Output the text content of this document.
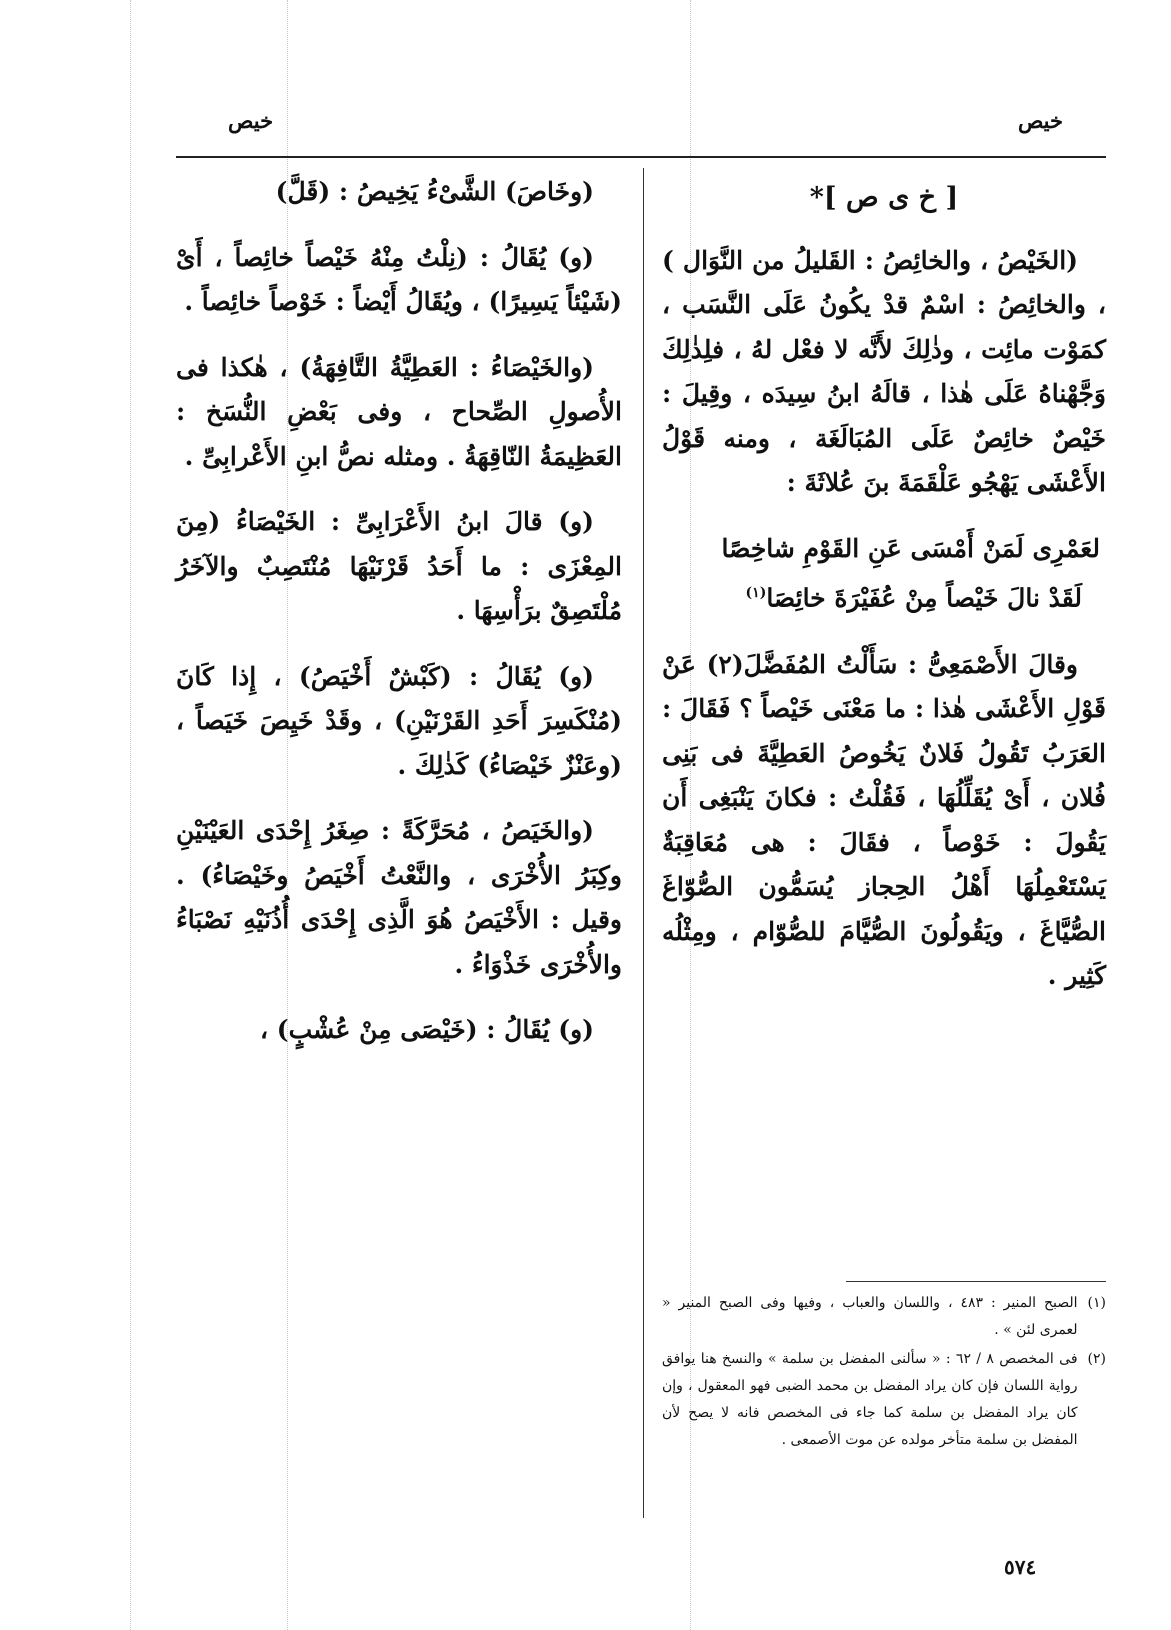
خيص
خيص
[ خ ى ص ]*

(الخَيْصُ ، والخائِصُ : القَليلُ من النَّوَال ) ، والخائِصُ : اسْمٌ قدْ يكُونُ عَلَى النَّسَب ، كمَوْت مائِت ، وذٰلِكَ لأَنَّه لا فعْل لهُ ، فلِذٰلِكَ وَجَّهْناهُ عَلَى هٰذا ، قالَهُ ابنُ سِيدَه ، وقِيلَ : خَيْصٌ خائِصٌ عَلَى المُبَالَغَة ، ومنه قَوْلُ الأَعْشَى يَهْجُو عَلْقَمَةَ بنَ عُلاثَةَ :

لعَمْرِى لَمَنْ أَمْسَى عَنِ القَوْمِ شاخِصًا
لَقَدْ نالَ خَيْصاً مِنْ عُفَيْرَةَ خائِصَا$^{(١)}$

وقالَ الأَصْمَعِىُّ : سَأَلْتُ المُفَضَّلَ(٢) عَنْ قَوْلِ الأَعْشَى هٰذا : ما مَعْنَى خَيْصاً ؟ فَقَالَ : العَرَبُ تَقُولُ فَلانٌ يَخُوصُ العَطِيَّةَ فى بَنِى فُلان ، أَىْ يُقَلِّلُهَا ، فَقُلْتُ : فكانَ يَنْبَغِى أَن يَقُولَ : خَوْصاً ، فقَالَ : هى مُعَاقِبَةٌ يَسْتَعْمِلُهَا أَهْلُ الحِجاز يُسَمُّون الصُّوّاغَ الصُّيَّاغَ ، ويَقُولُونَ الصُّيَّامَ للصُّوّام ، ومِثْلُه كَثِير .

(١)
الصبح المنير : ٤٨٣ ، واللسان والعباب ، وفيها وفى الصبح المنير « لعمرى لئن » .
(٢)
فى المخصص ٨ / ٦٢ : « سألنى المفضل بن سلمة » والنسخ هنا يوافق رواية اللسان فإن كان يراد المفضل بن محمد الضبى فهو المعقول ، وإن كان يراد المفضل بن سلمة كما جاء فى المخصص فانه لا يصح لأن المفضل بن سلمة متأخر مولده عن موت الأصمعى .

(وخَاصَ) الشَّىْءُ يَخِيصُ : (قَلَّ)

(و) يُقَالُ : (نِلْتُ مِنْهُ خَيْصاً خائِصاً ، أَىْ (شَيْئاً يَسِيرًا) ، ويُقَالُ أَيْضاً : خَوْصاً خائِصاً .

(والخَيْصَاءُ : العَطِيَّةُ التَّافِهَةُ) ، هٰكذا فى الأُصولِ الصِّحاح ، وفى بَعْضِ النُّسَخ : العَظِيمَةُ النّاقِهَةُ . ومثله نصُّ ابنِ الأَعْرابِىِّ .

(و) قالَ ابنُ الأَعْرَابِىِّ : الخَيْصَاءُ (مِنَ المِعْزَى : ما أَحَدُ قَرْنَيْهَا مُنْتَصِبٌ والآخَرُ مُلْتَصِقٌ برَأْسِهَا .

(و) يُقَالُ : (كَبْشٌ أَخْيَصُ) ، إِذا كَانَ (مُنْكَسِرَ أَحَدِ القَرْنَيْنِ) ، وقَدْ خَيِصَ خَيَصاً ، (وعَنْزٌ خَيْصَاءُ) كَذٰلِكَ .

(والخَيَصُ ، مُحَرَّكَةً : صِغَرُ إِحْدَى العَيْنَيْنِ وكِبَرُ الأُخْرَى ، والنَّعْتُ أَخْيَصُ وخَيْصَاءُ) . وقيل : الأَخْيَصُ هُوَ الَّذِى إِحْدَى أُذُنَيْهِ نَصْبَاءُ والأُخْرَى خَذْوَاءُ .

(و) يُقَالُ : (خَيْصَى مِنْ عُشْبٍ) ،

٥٧٤
